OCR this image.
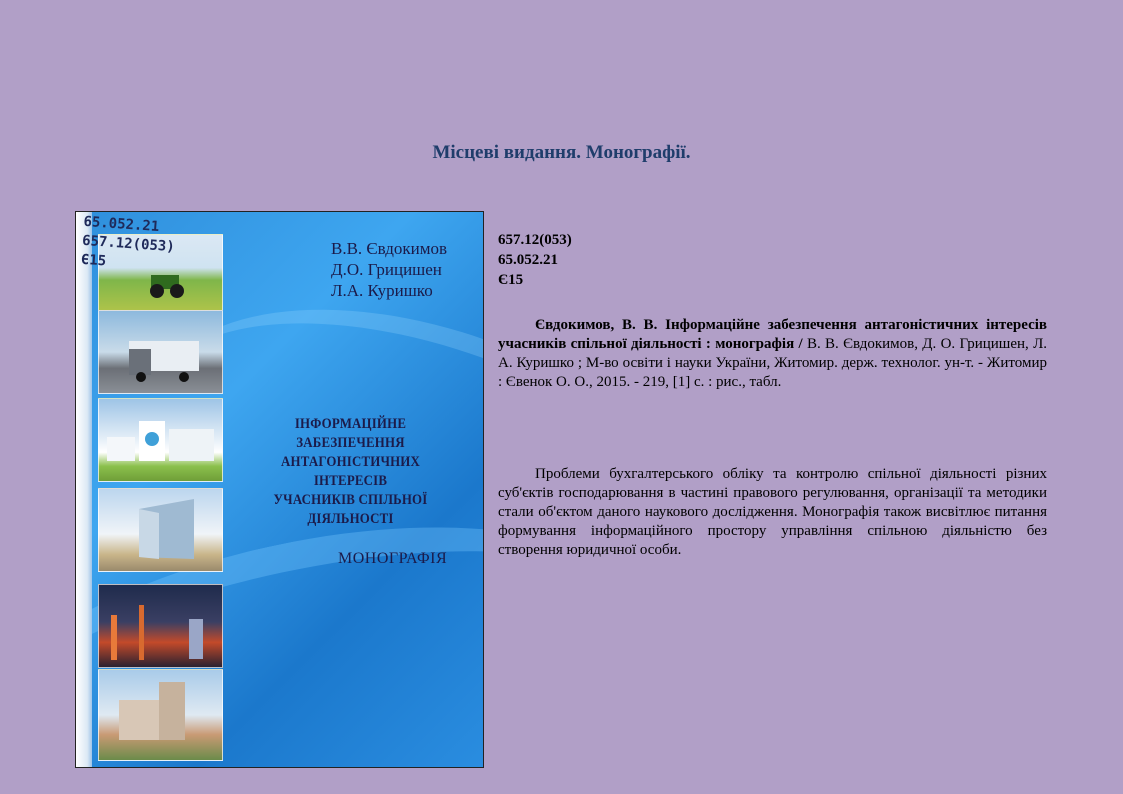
Місцеві видання. Монографії.
65.052.21
657.12(053)
Є15
В.В. Євдокимов
Д.О. Грицишен
Л.А. Куришко
ІНФОРМАЦІЙНЕ ЗАБЕЗПЕЧЕННЯ
АНТАГОНІСТИЧНИХ ІНТЕРЕСІВ
УЧАСНИКІВ СПІЛЬНОЇ ДІЯЛЬНОСТІ
МОНОГРАФІЯ
657.12(053)
65.052.21
Є15
Євдокимов, В. В. Інформаційне забезпечення антагоністичних інтересів учасників спільної діяльності : монографія / В. В. Євдокимов, Д. О. Грицишен, Л. А. Куришко ; М-во освіти і науки України, Житомир. держ. технолог. ун-т. - Житомир : Євенок О. О., 2015. - 219, [1] с. : рис., табл.
Проблеми бухгалтерського обліку та контролю спільної діяльності різних суб'єктів господарювання в частині правового регулювання, організації та методики стали об'єктом даного наукового дослідження. Монографія також висвітлює питання формування інформаційного простору управління спільною діяльністю без створення юридичної особи.
